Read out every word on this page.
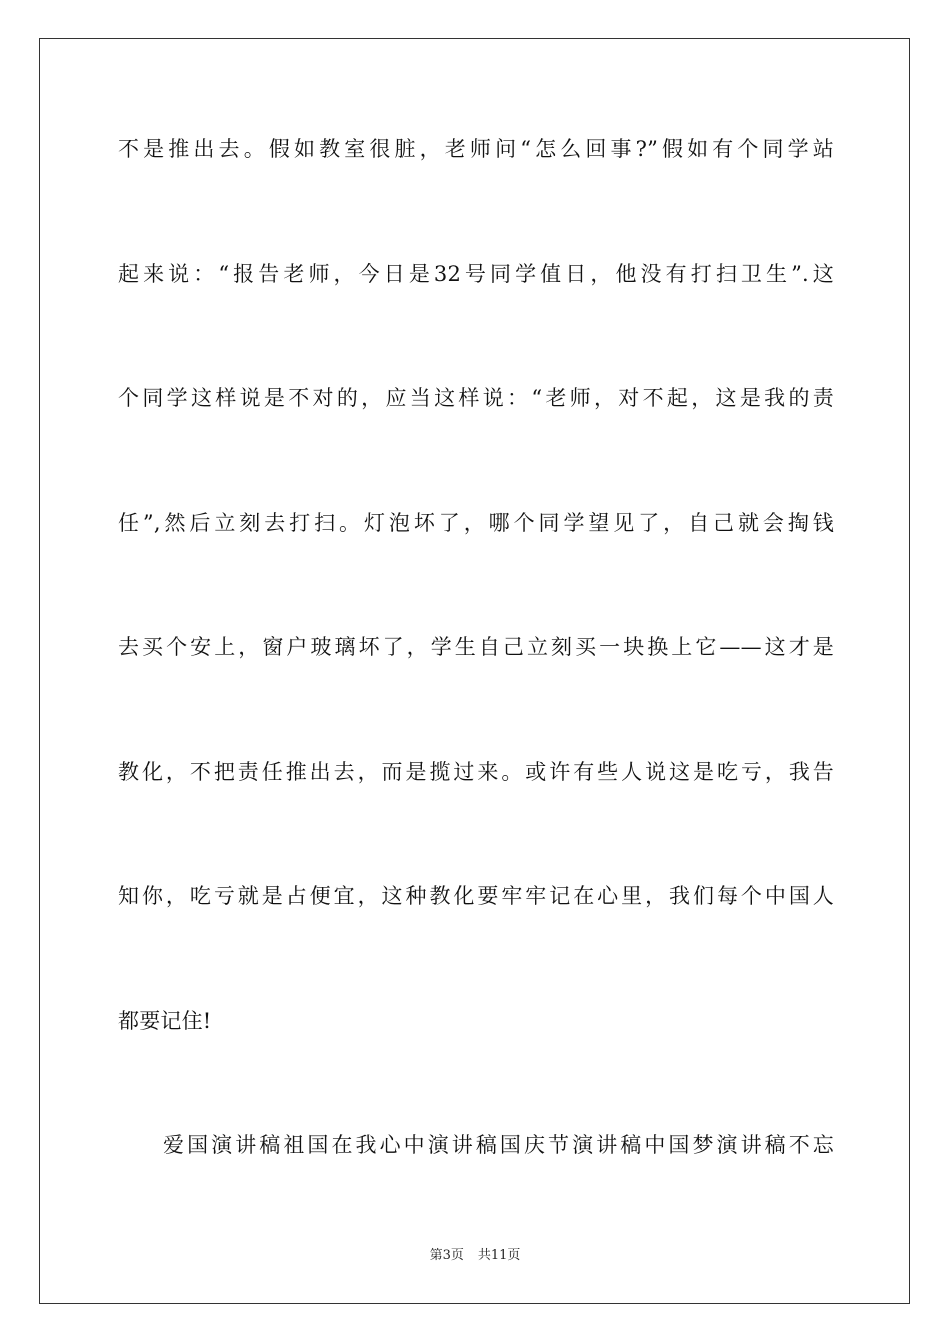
不是推出去。假如教室很脏，老师问“怎么回事?”假如有个同学站
起来说：“报告老师，今日是32号同学值日，他没有打扫卫生”.这
个同学这样说是不对的，应当这样说：“老师，对不起，这是我的责
任”,然后立刻去打扫。灯泡坏了，哪个同学望见了，自己就会掏钱
去买个安上，窗户玻璃坏了，学生自己立刻买一块换上它——这才是
教化，不把责任推出去，而是揽过来。或许有些人说这是吃亏，我告
知你，吃亏就是占便宜，这种教化要牢牢记在心里，我们每个中国人
都要记住!
爱国演讲稿祖国在我心中演讲稿国庆节演讲稿中国梦演讲稿不忘
第3页 共11页
